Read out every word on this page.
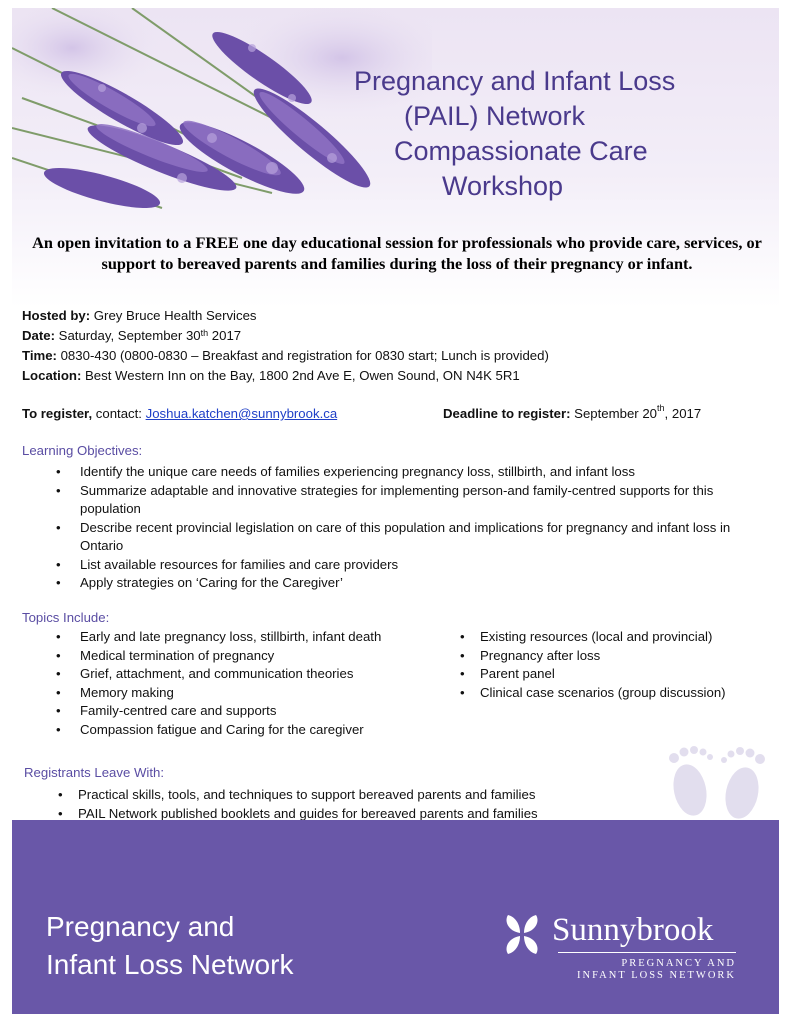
Pregnancy and Infant Loss
(PAIL) Network
Compassionate Care
Workshop
An open invitation to a FREE one day educational session for professionals who provide care, services, or support to bereaved parents and families during the loss of their pregnancy or infant.
Hosted by: Grey Bruce Health Services
Date: Saturday, September 30th 2017
Time: 0830-430 (0800-0830 – Breakfast and registration for 0830 start; Lunch is provided)
Location: Best Western Inn on the Bay, 1800 2nd Ave E, Owen Sound, ON N4K 5R1
To register, contact: Joshua.katchen@sunnybrook.ca	Deadline to register: September 20th, 2017
Learning Objectives:
• Identify the unique care needs of families experiencing pregnancy loss, stillbirth, and infant loss
• Summarize adaptable and innovative strategies for implementing person-and family-centred supports for this population
• Describe recent provincial legislation on care of this population and implications for pregnancy and infant loss in Ontario
• List available resources for families and care providers
• Apply strategies on ‘Caring for the Caregiver’
Topics Include:
• Early and late pregnancy loss, stillbirth, infant death
• Medical termination of pregnancy
• Grief, attachment, and communication theories
• Memory making
• Family-centred care and supports
• Compassion fatigue and Caring for the caregiver
• Existing resources (local and provincial)
• Pregnancy after loss
• Parent panel
• Clinical case scenarios (group discussion)
Registrants Leave With:
• Practical skills, tools, and techniques to support bereaved parents and families
• PAIL Network published booklets and guides for bereaved parents and families
Pregnancy and
Infant Loss Network
Sunnybrook
PREGNANCY AND
INFANT LOSS NETWORK
